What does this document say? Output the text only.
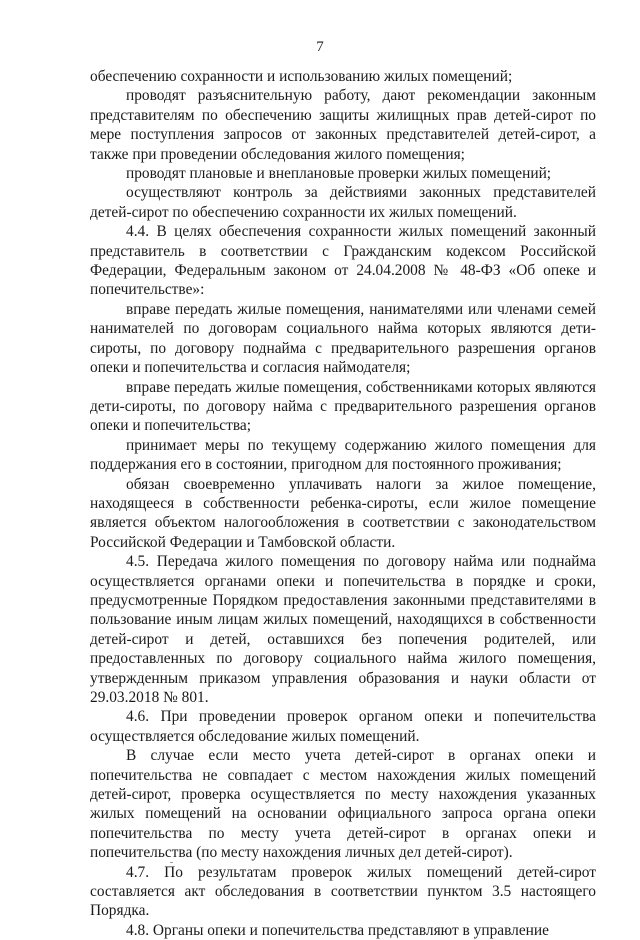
7

обеспечению сохранности и использованию жилых помещений;

проводят разъяснительную работу, дают рекомендации законным представителям по обеспечению защиты жилищных прав детей-сирот по мере поступления запросов от законных представителей детей-сирот, а также при проведении обследования жилого помещения;

проводят плановые и внеплановые проверки жилых помещений;

осуществляют контроль за действиями законных представителей детей-сирот по обеспечению сохранности их жилых помещений.

4.4. В целях обеспечения сохранности жилых помещений законный представитель в соответствии с Гражданским кодексом Российской Федерации, Федеральным законом от 24.04.2008 № 48-ФЗ «Об опеке и попечительстве»:

вправе передать жилые помещения, нанимателями или членами семей нанимателей по договорам социального найма которых являются дети-сироты, по договору поднайма с предварительного разрешения органов опеки и попечительства и согласия наймодателя;

вправе передать жилые помещения, собственниками которых являются дети-сироты, по договору найма с предварительного разрешения органов опеки и попечительства;

принимает меры по текущему содержанию жилого помещения для поддержания его в состоянии, пригодном для постоянного проживания;

обязан своевременно уплачивать налоги за жилое помещение, находящееся в собственности ребенка-сироты, если жилое помещение является объектом налогообложения в соответствии с законодательством Российской Федерации и Тамбовской области.

4.5. Передача жилого помещения по договору найма или поднайма осуществляется органами опеки и попечительства в порядке и сроки, предусмотренные Порядком предоставления законными представителями в пользование иным лицам жилых помещений, находящихся в собственности детей-сирот и детей, оставшихся без попечения родителей, или предоставленных по договору социального найма жилого помещения, утвержденным приказом управления образования и науки области от 29.03.2018 № 801.

4.6. При проведении проверок органом опеки и попечительства осуществляется обследование жилых помещений.

В случае если место учета детей-сирот в органах опеки и попечительства не совпадает с местом нахождения жилых помещений детей-сирот, проверка осуществляется по месту нахождения указанных жилых помещений на основании официального запроса органа опеки попечительства по месту учета детей-сирот в органах опеки и попечительства (по месту нахождения личных дел детей-сирот).

4.7. По результатам проверок жилых помещений детей-сирот составляется акт обследования в соответствии пунктом 3.5 настоящего Порядка.

4.8. Органы опеки и попечительства представляют в управление
